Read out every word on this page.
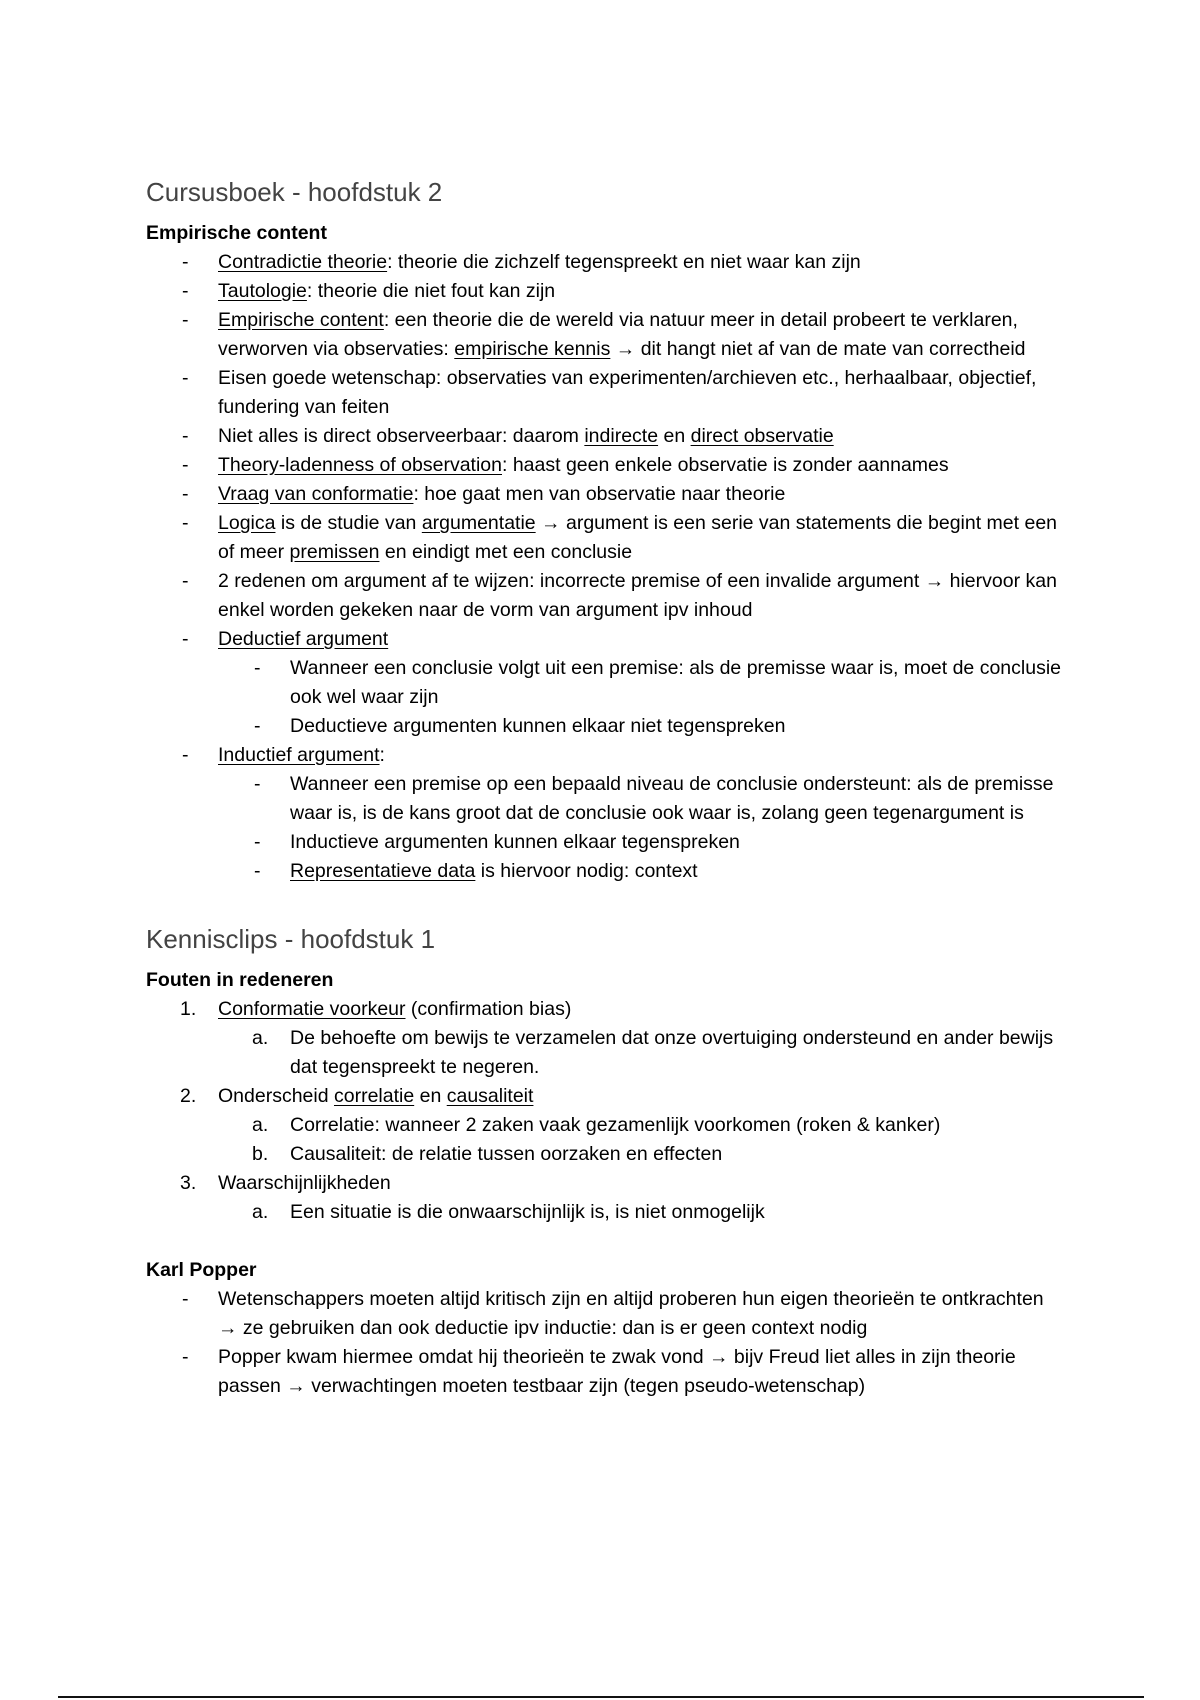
Cursusboek - hoofdstuk 2
Empirische content
- Contradictie theorie: theorie die zichzelf tegenspreekt en niet waar kan zijn
- Tautologie: theorie die niet fout kan zijn
- Empirische content: een theorie die de wereld via natuur meer in detail probeert te verklaren, verworven via observaties: empirische kennis → dit hangt niet af van de mate van correctheid
- Eisen goede wetenschap: observaties van experimenten/archieven etc., herhaalbaar, objectief, fundering van feiten
- Niet alles is direct observeerbaar: daarom indirecte en direct observatie
- Theory-ladenness of observation: haast geen enkele observatie is zonder aannames
- Vraag van conformatie: hoe gaat men van observatie naar theorie
- Logica is de studie van argumentatie → argument is een serie van statements die begint met een of meer premissen en eindigt met een conclusie
- 2 redenen om argument af te wijzen: incorrecte premise of een invalide argument → hiervoor kan enkel worden gekeken naar de vorm van argument ipv inhoud
- Deductief argument
- Wanneer een conclusie volgt uit een premise: als de premisse waar is, moet de conclusie ook wel waar zijn
- Deductieve argumenten kunnen elkaar niet tegenspreken
- Inductief argument:
- Wanneer een premise op een bepaald niveau de conclusie ondersteunt: als de premisse waar is, is de kans groot dat de conclusie ook waar is, zolang geen tegenargument is
- Inductieve argumenten kunnen elkaar tegenspreken
- Representatieve data is hiervoor nodig: context
Kennisclips - hoofdstuk 1
Fouten in redeneren
1. Conformatie voorkeur (confirmation bias)
a. De behoefte om bewijs te verzamelen dat onze overtuiging ondersteund en ander bewijs dat tegenspreekt te negeren.
2. Onderscheid correlatie en causaliteit
a. Correlatie: wanneer 2 zaken vaak gezamenlijk voorkomen (roken & kanker)
b. Causaliteit: de relatie tussen oorzaken en effecten
3. Waarschijnlijkheden
a. Een situatie is die onwaarschijnlijk is, is niet onmogelijk
Karl Popper
- Wetenschappers moeten altijd kritisch zijn en altijd proberen hun eigen theorieën te ontkrachten → ze gebruiken dan ook deductie ipv inductie: dan is er geen context nodig
- Popper kwam hiermee omdat hij theorieën te zwak vond → bijv Freud liet alles in zijn theorie passen → verwachtingen moeten testbaar zijn (tegen pseudo-wetenschap)
